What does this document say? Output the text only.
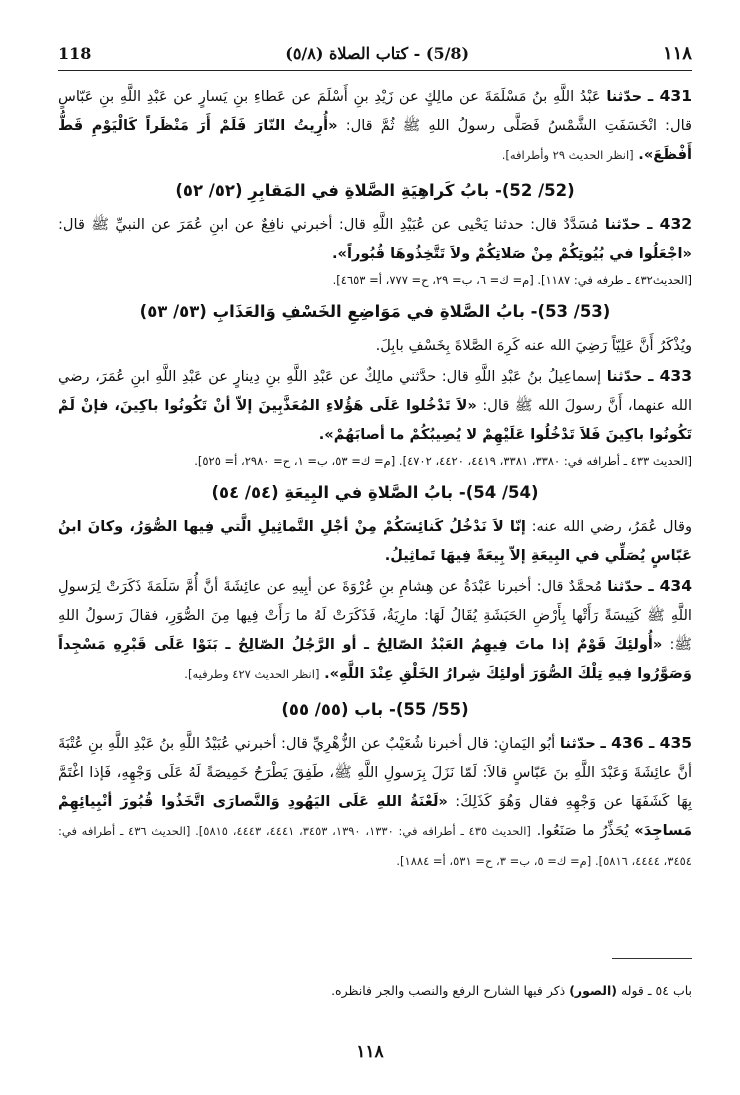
118	(5/8) - كتاب الصلاة (٥/٨)	١١٨

431 ـ حدّثنا عَبْدُ اللَّهِ بنُ مَسْلَمَةَ عن مالِكٍ عن زَيْدِ بنِ أَسْلَمَ عن عَطاءِ بنِ يَسارٍ عن عَبْدِ اللَّهِ بنِ عَبّاسٍ قال: انْخَسَفَتِ الشَّمْسُ فَصَلَّى رسولُ اللهِ ﷺ ثُمَّ قال: «أُرِيتُ النّارَ فَلَمْ أَرَ مَنْظَراً كَالْيَوْمِ قَطُّ أَفْظَعَ». [انظر الحديث ٢٩ وأطرافه].

(52/ 52)- بابُ كَراهِيَةِ الصَّلاةِ في المَقابِرِ (٥٢/ ٥٢)

432 ـ حدّثنا مُسَدَّدٌ قال: حدثنا يَحْيى عن عُبَيْدِ اللَّهِ قال: أخبرني نافِعٌ عن ابنِ عُمَرَ عن النبيِّ ﷺ قال: «اجْعَلُوا في بُيُوتِكُمْ مِنْ صَلاتِكُمْ ولاَ تَتَّخِذُوهَا قُبُوراً».

[الحديث٤٣٢ ـ طرفه في: ١١٨٧]. [م= ك= ٦، ب= ٢٩، ح= ٧٧٧، أ= ٤٦٥٣].

(53/ 53)- بابُ الصَّلاةِ في مَوَاضِعِ الخَسْفِ وَالعَذَابِ (٥٣/ ٥٣)

ويُذْكَرُ أَنَّ عَلِيّاً رَضِيَ الله عنه كَرِهَ الصَّلاةَ بِخَسْفِ بابِلَ.

433 ـ حدّثنا إسماعِيلُ بنُ عَبْدِ اللَّهِ قال: حدَّثني مالِكٌ عن عَبْدِ اللَّهِ بنِ دِينارٍ عن عَبْدِ اللَّهِ ابنِ عُمَرَ، رضي الله عنهما، أَنَّ رسولَ الله ﷺ قال: «لاَ تَدْخُلوا عَلَى هَؤُلاءِ المُعَذَّبِينَ إلاّ أنْ تَكُونُوا باكِينَ، فإنْ لَمْ تَكُونُوا باكِينَ فَلاَ تَدْخُلُوا عَلَيْهِمْ لا يُصِيبُكُمْ ما أصابَهُمْ».

[الحديث ٤٣٣ ـ أطرافه في: ٣٣٨٠، ٣٣٨١، ٤٤١٩، ٤٤٢٠، ٤٧٠٢]. [م= ك= ٥٣، ب= ١، ح= ٢٩٨٠، أ= ٥٢٥].

(54/ 54)- بابُ الصَّلاةِ في البِيعَةِ (٥٤/ ٥٤)

وقال عُمَرُ، رضي الله عنه: إنّا لاَ نَدْخُلُ كَنائِسَكُمْ مِنْ أجْلِ التَّماثِيلِ الَّتي فِيها الصُّوَرُ، وكانَ ابنُ عَبّاسٍ يُصَلِّي في البِيعَةِ إلاّ بِيعَةً فِيهَا تَماثِيلُ.

434 ـ حدّثنا مُحمَّدٌ قال: أخبرنا عَبْدَةُ عن هِشامِ بنِ عُرْوَةَ عن أبِيهِ عن عائِشَةَ أنَّ أُمَّ سَلَمَةَ ذَكَرَتْ لِرَسولِ اللَّهِ ﷺ كَنِيسَةً رَأَتْها بِأَرْضِ الحَبَشَةِ يُقَالُ لَهَا: مارِيَةُ، فَذَكَرَتْ لَهُ ما رَأَتْ فِيها مِنَ الصُّوَرِ، فقالَ رَسولُ اللهِ ﷺ: «أُولئِكَ قَوْمٌ إذا ماتَ فِيهِمُ العَبْدُ الصّالِحُ ـ أو الرَّجُلُ الصّالِحُ ـ بَنَوْا عَلَى قَبْرِهِ مَسْجِداً وَصَوَّرُوا فِيهِ تِلْكَ الصُّوَرَ أولئِكَ شِرارُ الخَلْقِ عِنْدَ اللَّهِ». [انظر الحديث ٤٢٧ وطرفيه].

(55/ 55)- باب (٥٥/ ٥٥)

435 ـ 436 ـ حدّثنا أبُو اليَمانِ: قال أخبرنا شُعَيْبٌ عن الزُّهْرِيِّ قال: أخبرني عُبَيْدُ اللَّهِ بنُ عَبْدِ اللَّهِ بنِ عُتْبَةَ أنَّ عائِشَةَ وَعَبْدَ اللَّهِ بنَ عَبّاسٍ قالاَ: لَمّا نَزَلَ بِرَسولِ اللَّهِ ﷺ، طَفِقَ يَطْرَحُ خَمِيصَةً لَهُ عَلَى وَجْهِهِ، فَإذا اغْتَمَّ بِهَا كَشَفَهَا عن وَجْهِهِ فقال وَهُوَ كَذَلِكَ: «لَعْنَةُ اللهِ عَلَى اليَهُودِ وَالنَّصارَى اتَّخَذُوا قُبُورَ أنْبِيائِهِمْ مَساجِدَ» يُحَذِّرُ ما صَنَعُوا. [الحديث ٤٣٥ ـ أطرافه في: ١٣٣٠، ١٣٩٠، ٣٤٥٣، ٤٤٤١، ٤٤٤٣، ٥٨١٥]. [الحديث ٤٣٦ ـ أطرافه في: ٣٤٥٤، ٤٤٤٤، ٥٨١٦]. [م= ك= ٥، ب= ٣، ح= ٥٣١، أ= ١٨٨٤].

باب ٥٤ ـ قوله (الصور) ذكر فيها الشارح الرفع والنصب والجر فانظره.

١١٨
